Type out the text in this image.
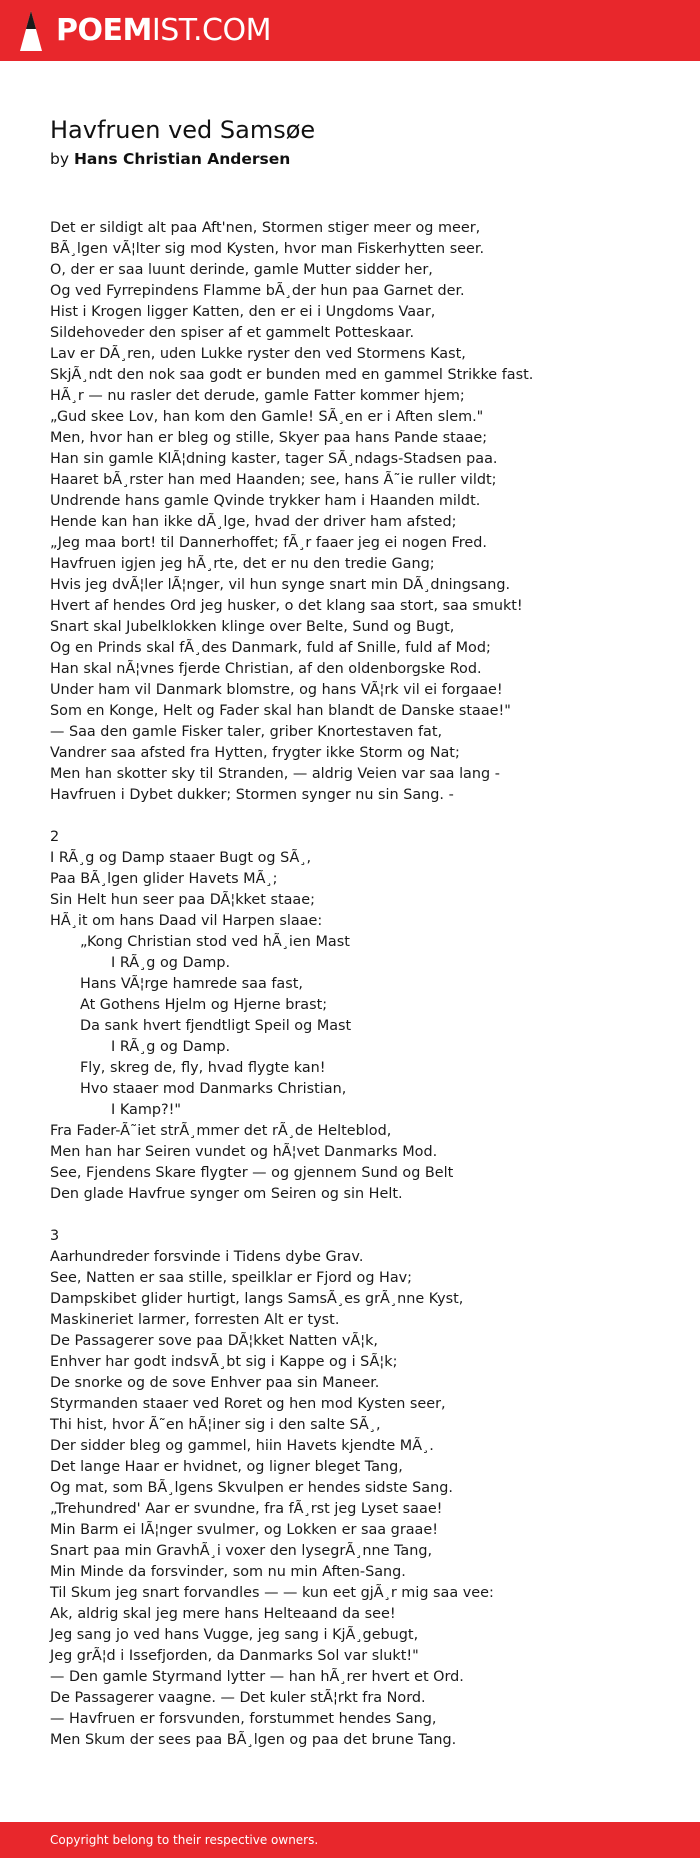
POEMIST.COM
Havfruen ved Samsøe

by Hans Christian Andersen

Det er sildigt alt paa Aft'nen, Stormen stiger meer og meer,
BÃ¸lgen vÃ¦lter sig mod Kysten, hvor man Fiskerhytten seer.
O, der er saa luunt derinde, gamle Mutter sidder her,
Og ved Fyrrepindens Flamme bÃ¸der hun paa Garnet der.
Hist i Krogen ligger Katten, den er ei i Ungdoms Vaar,
Sildehoveder den spiser af et gammelt Potteskaar.
Lav er DÃ¸ren, uden Lukke ryster den ved Stormens Kast,
SkjÃ¸ndt den nok saa godt er bunden med en gammel Strikke fast.
HÃ¸r — nu rasler det derude, gamle Fatter kommer hjem;
„Gud skee Lov, han kom den Gamle! SÃ¸en er i Aften slem."
Men, hvor han er bleg og stille, Skyer paa hans Pande staae;
Han sin gamle KlÃ¦dning kaster, tager SÃ¸ndags-Stadsen paa.
Haaret bÃ¸rster han med Haanden; see, hans Ã˜ie ruller vildt;
Undrende hans gamle Qvinde trykker ham i Haanden mildt.
Hende kan han ikke dÃ¸lge, hvad der driver ham afsted;
„Jeg maa bort! til Dannerhoffet; fÃ¸r faaer jeg ei nogen Fred.
Havfruen igjen jeg hÃ¸rte, det er nu den tredie Gang;
Hvis jeg dvÃ¦ler lÃ¦nger, vil hun synge snart min DÃ¸dningsang.
Hvert af hendes Ord jeg husker, o det klang saa stort, saa smukt!
Snart skal Jubelklokken klinge over Belte, Sund og Bugt,
Og en Prinds skal fÃ¸des Danmark, fuld af Snille, fuld af Mod;
Han skal nÃ¦vnes fjerde Christian, af den oldenborgske Rod.
Under ham vil Danmark blomstre, og hans VÃ¦rk vil ei forgaae!
Som en Konge, Helt og Fader skal han blandt de Danske staae!"
— Saa den gamle Fisker taler, griber Knortestaven fat,
Vandrer saa afsted fra Hytten, frygter ikke Storm og Nat;
Men han skotter sky til Stranden, — aldrig Veien var saa lang -
Havfruen i Dybet dukker; Stormen synger nu sin Sang. -
2
I RÃ¸g og Damp staaer Bugt og SÃ¸,
Paa BÃ¸lgen glider Havets MÃ¸;
Sin Helt hun seer paa DÃ¦kket staae;
HÃ¸it om hans Daad vil Harpen slaae:
„Kong Christian stod ved hÃ¸ien Mast
I RÃ¸g og Damp.
Hans VÃ¦rge hamrede saa fast,
At Gothens Hjelm og Hjerne brast;
Da sank hvert fjendtligt Speil og Mast
I RÃ¸g og Damp.
Fly, skreg de, fly, hvad flygte kan!
Hvo staaer mod Danmarks Christian,
I Kamp?!"
Fra Fader-Ã˜iet strÃ¸mmer det rÃ¸de Helteblod,
Men han har Seiren vundet og hÃ¦vet Danmarks Mod.
See, Fjendens Skare flygter — og gjennem Sund og Belt
Den glade Havfrue synger om Seiren og sin Helt.
3
Aarhundreder forsvinde i Tidens dybe Grav.
See, Natten er saa stille, speilklar er Fjord og Hav;
Dampskibet glider hurtigt, langs SamsÃ¸es grÃ¸nne Kyst,
Maskineriet larmer, forresten Alt er tyst.
De Passagerer sove paa DÃ¦kket Natten vÃ¦k,
Enhver har godt indsvÃ¸bt sig i Kappe og i SÃ¦k;
De snorke og de sove Enhver paa sin Maneer.
Styrmanden staaer ved Roret og hen mod Kysten seer,
Thi hist, hvor Ã˜en hÃ¦iner sig i den salte SÃ¸,
Der sidder bleg og gammel, hiin Havets kjendte MÃ¸.
Det lange Haar er hvidnet, og ligner bleget Tang,
Og mat, som BÃ¸lgens Skvulpen er hendes sidste Sang.
„Trehundred' Aar er svundne, fra fÃ¸rst jeg Lyset saae!
Min Barm ei lÃ¦nger svulmer, og Lokken er saa graae!
Snart paa min GravhÃ¸i voxer den lysegrÃ¸nne Tang,
Min Minde da forsvinder, som nu min Aften-Sang.
Til Skum jeg snart forvandles — — kun eet gjÃ¸r mig saa vee:
Ak, aldrig skal jeg mere hans Helteaand da see!
Jeg sang jo ved hans Vugge, jeg sang i KjÃ¸gebugt,
Jeg grÃ¦d i Issefjorden, da Danmarks Sol var slukt!"
— Den gamle Styrmand lytter — han hÃ¸rer hvert et Ord.
De Passagerer vaagne. — Det kuler stÃ¦rkt fra Nord.
— Havfruen er forsvunden, forstummet hendes Sang,
Men Skum der sees paa BÃ¸lgen og paa det brune Tang.
Copyright belong to their respective owners.
